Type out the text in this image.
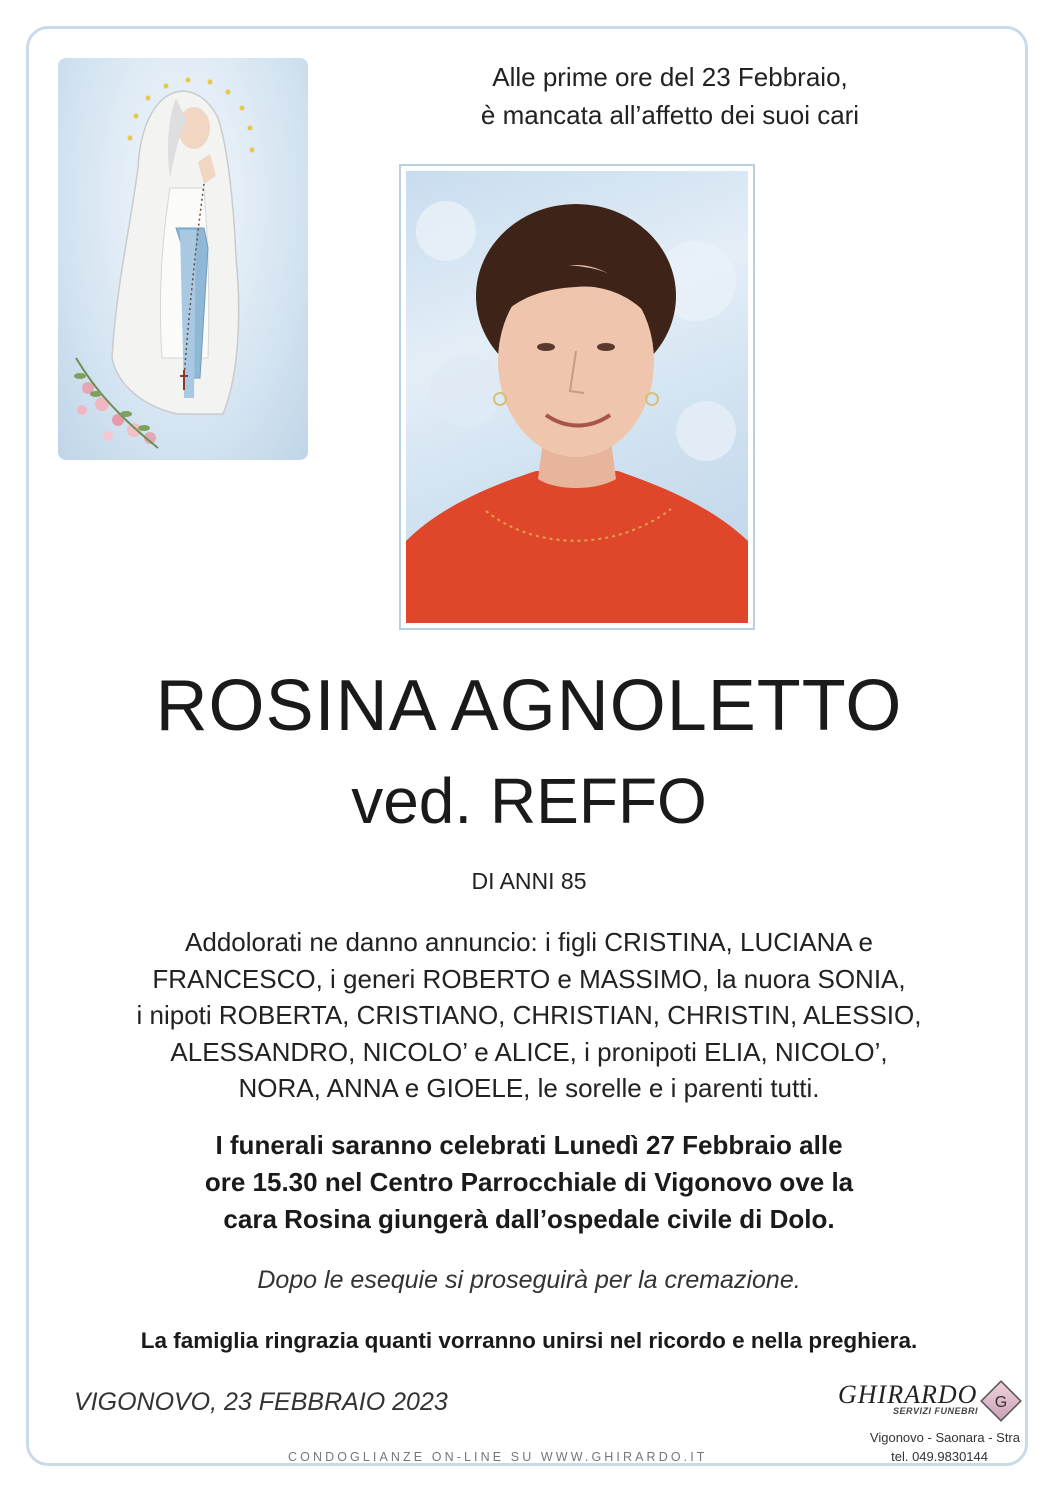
Alle prime ore del 23 Febbraio,
è mancata all’affetto dei suoi cari
ROSINA AGNOLETTO
ved. REFFO
DI ANNI 85
Addolorati ne danno annuncio: i figli CRISTINA, LUCIANA e
FRANCESCO, i generi ROBERTO e MASSIMO, la nuora SONIA,
i nipoti ROBERTA, CRISTIANO, CHRISTIAN, CHRISTIN, ALESSIO,
ALESSANDRO, NICOLO’ e ALICE, i pronipoti ELIA, NICOLO’,
NORA, ANNA e GIOELE, le sorelle e i parenti tutti.
I funerali saranno celebrati Lunedì 27 Febbraio alle
ore 15.30 nel Centro Parrocchiale di Vigonovo ove la
cara Rosina giungerà dall’ospedale civile di Dolo.
Dopo le esequie si proseguirà per la cremazione.
La famiglia ringrazia quanti vorranno unirsi nel ricordo e nella preghiera.
VIGONOVO, 23 FEBBRAIO 2023
CONDOGLIANZE ON-LINE SU WWW.GHIRARDO.IT
GHIRARDO
SERVIZI FUNEBRI G
Vigonovo - Saonara - Stra
tel. 049.9830144
